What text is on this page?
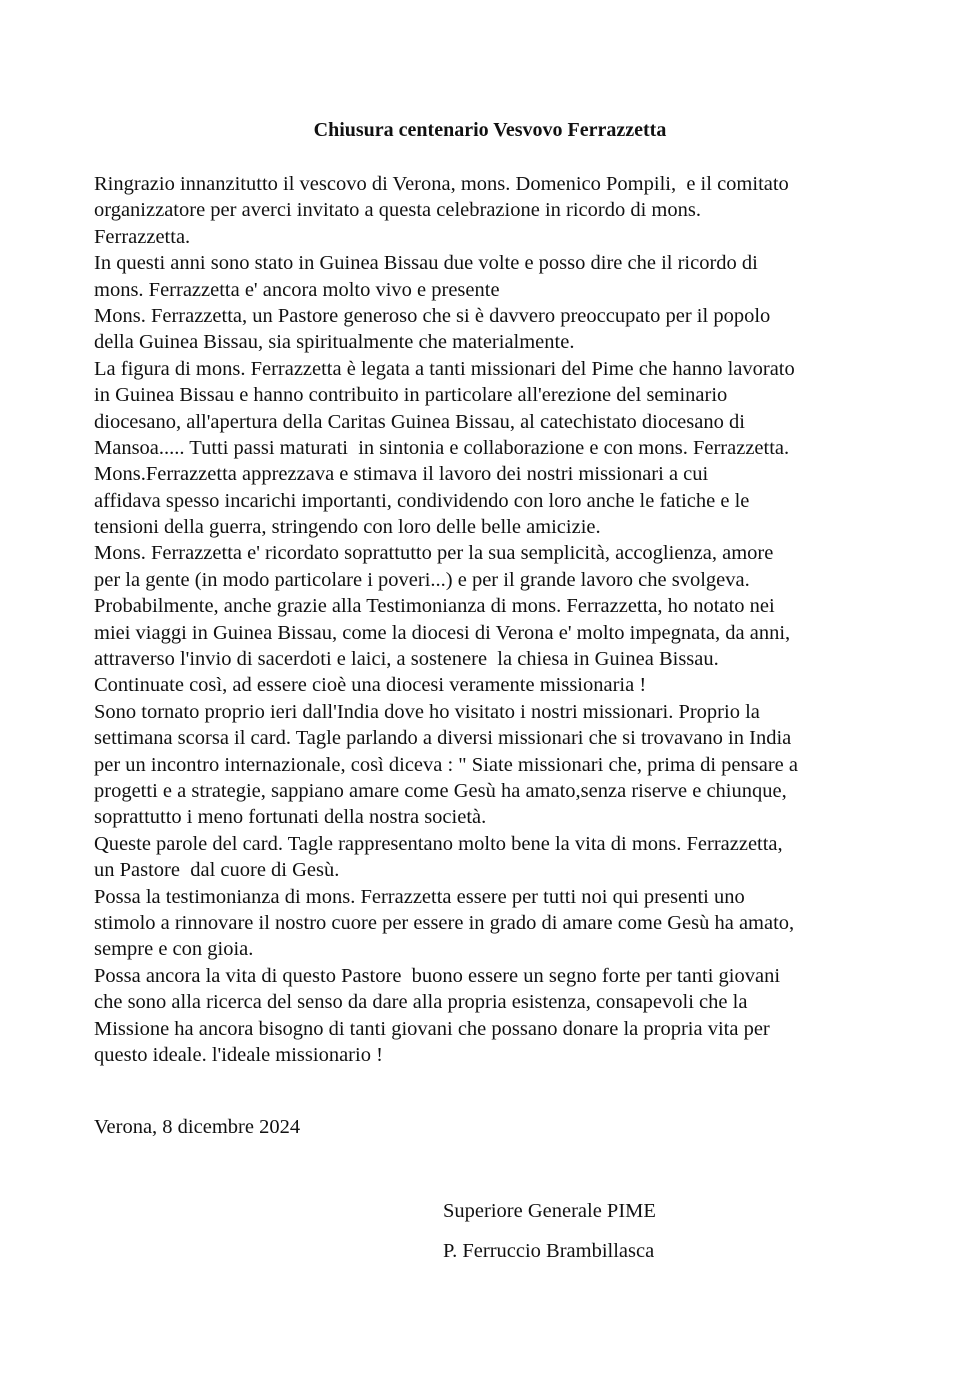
Chiusura centenario Vesvovo Ferrazzetta
Ringrazio innanzitutto il vescovo di Verona, mons. Domenico Pompili,  e il comitato
organizzatore per averci invitato a questa celebrazione in ricordo di mons.
Ferrazzetta.
In questi anni sono stato in Guinea Bissau due volte e posso dire che il ricordo di
mons. Ferrazzetta e' ancora molto vivo e presente
Mons. Ferrazzetta, un Pastore generoso che si è davvero preoccupato per il popolo
della Guinea Bissau, sia spiritualmente che materialmente.
La figura di mons. Ferrazzetta è legata a tanti missionari del Pime che hanno lavorato
in Guinea Bissau e hanno contribuito in particolare all'erezione del seminario
diocesano, all'apertura della Caritas Guinea Bissau, al catechistato diocesano di
Mansoa..... Tutti passi maturati  in sintonia e collaborazione e con mons. Ferrazzetta.
Mons.Ferrazzetta apprezzava e stimava il lavoro dei nostri missionari a cui
affidava spesso incarichi importanti, condividendo con loro anche le fatiche e le
tensioni della guerra, stringendo con loro delle belle amicizie.
Mons. Ferrazzetta e' ricordato soprattutto per la sua semplicità, accoglienza, amore
per la gente (in modo particolare i poveri...) e per il grande lavoro che svolgeva.
Probabilmente, anche grazie alla Testimonianza di mons. Ferrazzetta, ho notato nei
miei viaggi in Guinea Bissau, come la diocesi di Verona e' molto impegnata, da anni,
attraverso l'invio di sacerdoti e laici, a sostenere  la chiesa in Guinea Bissau.
Continuate così, ad essere cioè una diocesi veramente missionaria !
Sono tornato proprio ieri dall'India dove ho visitato i nostri missionari. Proprio la
settimana scorsa il card. Tagle parlando a diversi missionari che si trovavano in India
per un incontro internazionale, così diceva : " Siate missionari che, prima di pensare a
progetti e a strategie, sappiano amare come Gesù ha amato,senza riserve e chiunque,
soprattutto i meno fortunati della nostra società.
Queste parole del card. Tagle rappresentano molto bene la vita di mons. Ferrazzetta,
un Pastore  dal cuore di Gesù.
Possa la testimonianza di mons. Ferrazzetta essere per tutti noi qui presenti uno
stimolo a rinnovare il nostro cuore per essere in grado di amare come Gesù ha amato,
sempre e con gioia.
Possa ancora la vita di questo Pastore  buono essere un segno forte per tanti giovani
che sono alla ricerca del senso da dare alla propria esistenza, consapevoli che la
Missione ha ancora bisogno di tanti giovani che possano donare la propria vita per
questo ideale. l'ideale missionario !
Verona, 8 dicembre 2024
Superiore Generale PIME
P. Ferruccio Brambillasca
